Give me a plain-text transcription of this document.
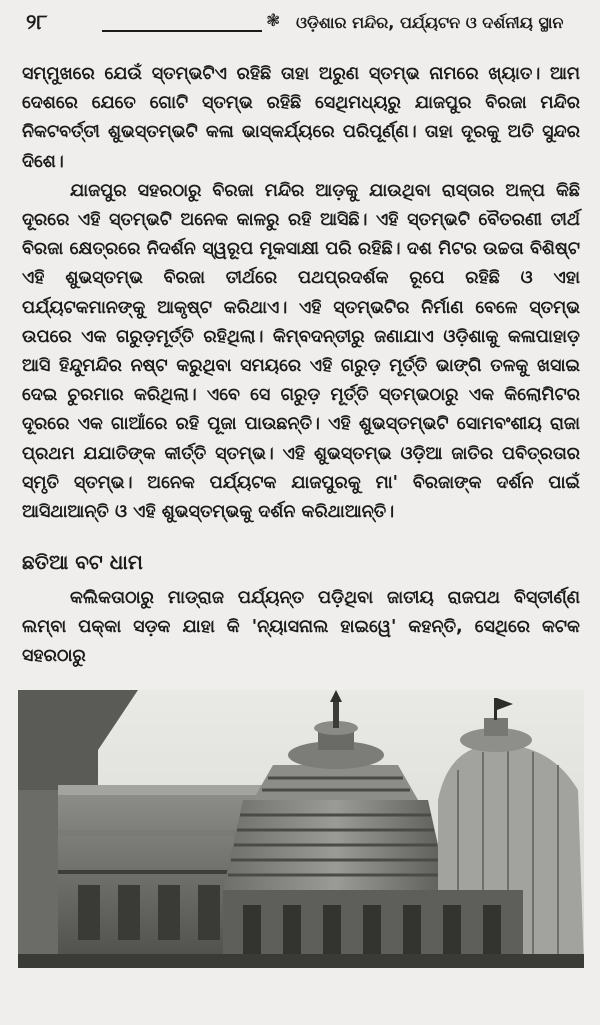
୨୮	❃ ଓଡ଼ିଶାର ମନ୍ଦିର, ପର୍ଯ୍ୟଟନ ଓ ଦର୍ଶନୀୟ ସ୍ଥାନ

ସମ୍ମୁଖରେ ଯେଉଁ ସ୍ତମ୍ଭଟିଏ ରହିଛି ତାହା ଅରୁଣ ସ୍ତମ୍ଭ ନାମରେ ଖ୍ୟାତ। ଆମ ଦେଶରେ ଯେତେ ଗୋଟି ସ୍ତମ୍ଭ ରହିଛି ସେଥିମଧ୍ୟରୁ ଯାଜପୁର ବିରଜା ମନ୍ଦିର ନିକଟବର୍ତ୍ତୀ ଶୁଭସ୍ତମ୍ଭଟି କଳା ଭାସ୍କର୍ଯ୍ୟରେ ପରିପୂର୍ଣ୍ଣ। ତାହା ଦୂରକୁ ଅତି ସୁନ୍ଦର ଦିଶେ।

ଯାଜପୁର ସହରଠାରୁ ବିରଜା ମନ୍ଦିର ଆଡ଼କୁ ଯାଉଥିବା ରାସ୍ତାର ଅଳ୍ପ କିଛି ଦୂରରେ ଏହି ସ୍ତମ୍ଭଟି ଅନେକ କାଳରୁ ରହି ଆସିଛି। ଏହି ସ୍ତମ୍ଭଟି ବୈତରଣୀ ତୀର୍ଥ ବିରଜା କ୍ଷେତ୍ରରେ ନିଦର୍ଶନ ସ୍ୱରୂପ ମୂକସାକ୍ଷୀ ପରି ରହିଛି। ଦଶ ମିଟର ଉଚ୍ଚତା ବିଶିଷ୍ଟ ଏହି ଶୁଭସ୍ତମ୍ଭ ବିରଜା ତୀର୍ଥରେ ପଥପ୍ରଦର୍ଶକ ରୂପେ ରହିଛି ଓ ଏହା ପର୍ଯ୍ୟଟକମାନଙ୍କୁ ଆକୃଷ୍ଟ କରିଥାଏ। ଏହି ସ୍ତମ୍ଭଟିର ନିର୍ମାଣ ବେଳେ ସ୍ତମ୍ଭ ଉପରେ ଏକ ଗରୁଡ଼ମୂର୍ତ୍ତି ରହିଥିଲା। କିମ୍ବଦନ୍ତୀରୁ ଜଣାଯାଏ ଓଡ଼ିଶାକୁ କଳାପାହାଡ଼ ଆସି ହିନ୍ଦୁମନ୍ଦିର ନଷ୍ଟ କରୁଥିବା ସମୟରେ ଏହି ଗରୁଡ଼ ମୂର୍ତ୍ତି ଭାଙ୍ଗି ତଳକୁ ଖସାଇ ଦେଇ ଚୁରମାର କରିଥିଲା। ଏବେ ସେ ଗରୁଡ଼ ମୂର୍ତ୍ତି ସ୍ତମ୍ଭଠାରୁ ଏକ କିଲୋମିଟର ଦୂରରେ ଏକ ଗାଆଁରେ ରହି ପୂଜା ପାଉଛନ୍ତି। ଏହି ଶୁଭସ୍ତମ୍ଭଟି ସୋମବଂଶୀୟ ରାଜା ପ୍ରଥମ ଯଯାତିଙ୍କ କୀର୍ତ୍ତି ସ୍ତମ୍ଭ। ଏହି ଶୁଭସ୍ତମ୍ଭ ଓଡ଼ିଆ ଜାତିର ପବିତ୍ରତାର ସ୍ମୃତି ସ୍ତମ୍ଭ। ଅନେକ ପର୍ଯ୍ୟଟକ ଯାଜପୁରକୁ ମା' ବିରଜାଙ୍କ ଦର୍ଶନ ପାଇଁ ଆସିଥାଆନ୍ତି ଓ ଏହି ଶୁଭସ୍ତମ୍ଭକୁ ଦର୍ଶନ କରିଥାଆନ୍ତି।

ଛତିଆ ବଟ ଧାମ
କଲିକତାଠାରୁ ମାଡ୍ରାଜ ପର୍ଯ୍ୟନ୍ତ ପଡ଼ିଥିବା ଜାତୀୟ ରାଜପଥ ବିସ୍ତୀର୍ଣ୍ଣ ଲମ୍ବା ପକ୍କା ସଡ଼କ ଯାହା କି 'ନ୍ୟାସନାଲ ହାଇୱେ' କହନ୍ତି, ସେଥିରେ କଟକ ସହରଠାରୁ
